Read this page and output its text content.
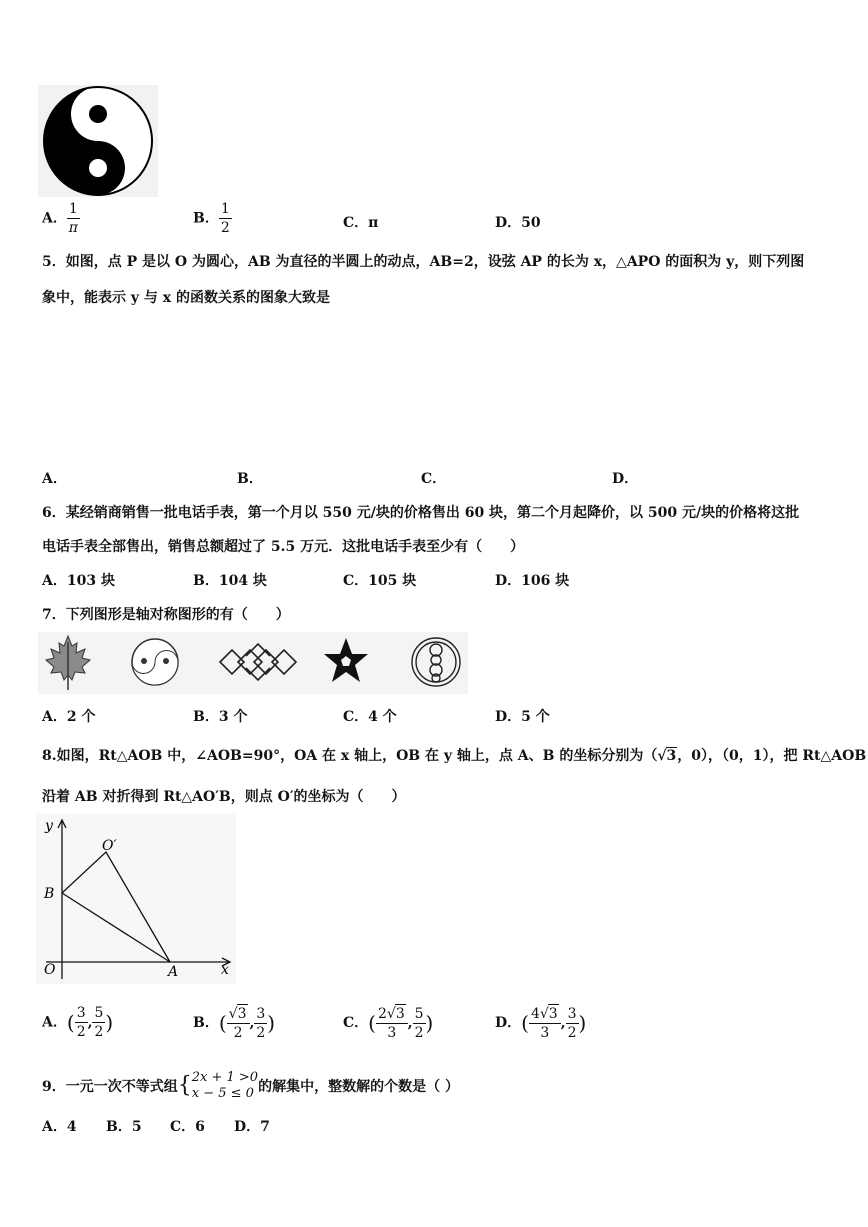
A． $\frac{1}{\pi}$	B． $\frac{1}{2}$	C．π	D．50
5．如图，点 P 是以 O 为圆心，AB 为直径的半圆上的动点，AB=2，设弦 AP 的长为 x，△APO 的面积为 y，则下列图
象中，能表示 y 与 x 的函数关系的图象大致是
A．	B．	C．	D．
6．某经销商销售一批电话手表，第一个月以 550 元/块的价格售出 60 块，第二个月起降价，以 500 元/块的价格将这批
电话手表全部售出，销售总额超过了 5.5 万元．这批电话手表至少有（　　）
A．103 块	B．104 块	C．105 块	D．106 块
7．下列图形是轴对称图形的有（　　）
A．2 个	B．3 个	C．4 个	D．5 个
8.如图，Rt△AOB 中，∠AOB=90°，OA 在 x 轴上，OB 在 y 轴上，点 A、B 的坐标分别为（√3，0），（0，1），把 Rt△AOB
沿着 AB 对折得到 Rt△AO′B，则点 O′的坐标为（　　）
y
x
O	A
B
O′
A．( $\frac{3}{2}$ , $\frac{5}{2}$ )	B．( $\frac{√3}{2}$ , $\frac{3}{2}$ )	C．( $\frac{2√3}{3}$ , $\frac{5}{2}$ )	D．( $\frac{4√3}{3}$ , $\frac{3}{2}$ )
9．一元一次不等式组{ 2x + 1 >0
x − 5 ≤ 0 的解集中，整数解的个数是（ ）
A．4 B．5 C．6 D．7
